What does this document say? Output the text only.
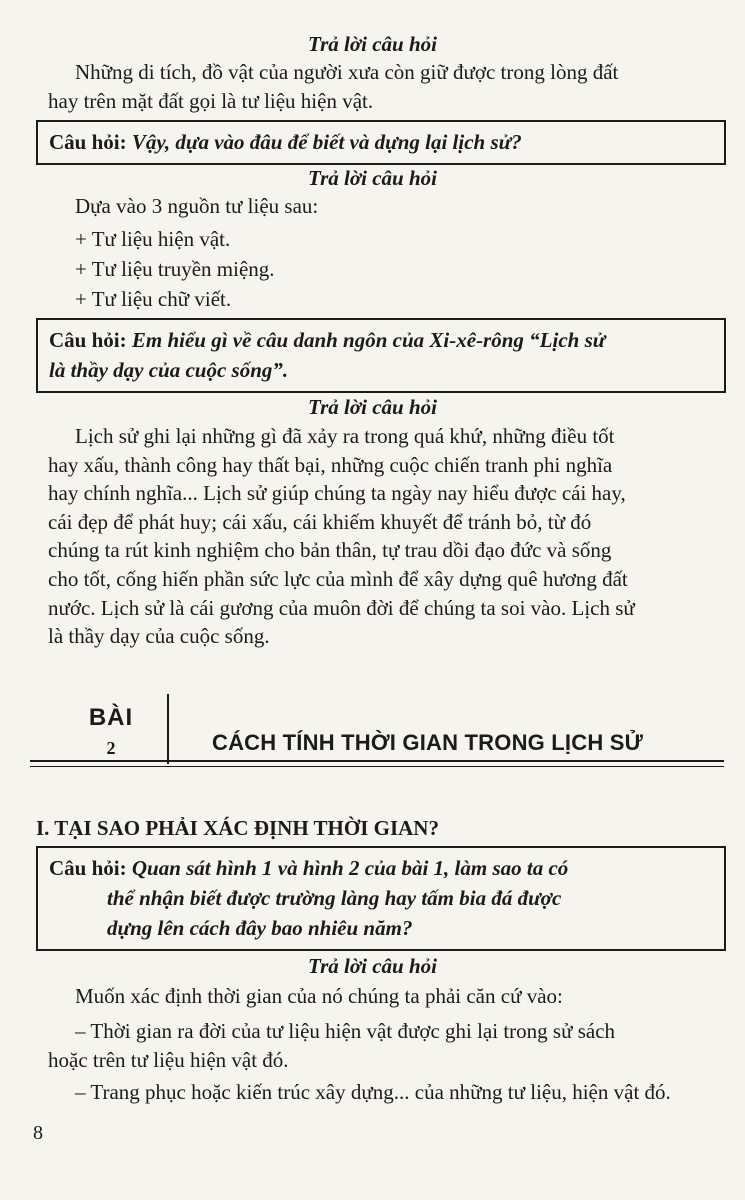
Trả lời câu hỏi
Những di tích, đồ vật của người xưa còn giữ được trong lòng đất
hay trên mặt đất gọi là tư liệu hiện vật.
Câu hỏi: Vậy, dựa vào đâu để biết và dựng lại lịch sử?
Trả lời câu hỏi
Dựa vào 3 nguồn tư liệu sau:
+ Tư liệu hiện vật.
+ Tư liệu truyền miệng.
+ Tư liệu chữ viết.
Câu hỏi: Em hiểu gì về câu danh ngôn của Xi-xê-rông “Lịch sử
là thầy dạy của cuộc sống”.
Trả lời câu hỏi
Lịch sử ghi lại những gì đã xảy ra trong quá khứ, những điều tốt
hay xấu, thành công hay thất bại, những cuộc chiến tranh phi nghĩa
hay chính nghĩa... Lịch sử giúp chúng ta ngày nay hiểu được cái hay,
cái đẹp để phát huy; cái xấu, cái khiếm khuyết để tránh bỏ, từ đó
chúng ta rút kinh nghiệm cho bản thân, tự trau dồi đạo đức và sống
cho tốt, cống hiến phần sức lực của mình để xây dựng quê hương đất
nước. Lịch sử là cái gương của muôn đời để chúng ta soi vào. Lịch sử
là thầy dạy của cuộc sống.
BÀI
2	CÁCH TÍNH THỜI GIAN TRONG LỊCH SỬ
I. TẠI SAO PHẢI XÁC ĐỊNH THỜI GIAN?
Câu hỏi: Quan sát hình 1 và hình 2 của bài 1, làm sao ta có
thể nhận biết được trường làng hay tấm bia đá được
dựng lên cách đây bao nhiêu năm?
Trả lời câu hỏi
Muốn xác định thời gian của nó chúng ta phải căn cứ vào:
– Thời gian ra đời của tư liệu hiện vật được ghi lại trong sử sách
hoặc trên tư liệu hiện vật đó.
– Trang phục hoặc kiến trúc xây dựng... của những tư liệu, hiện vật đó.
8
